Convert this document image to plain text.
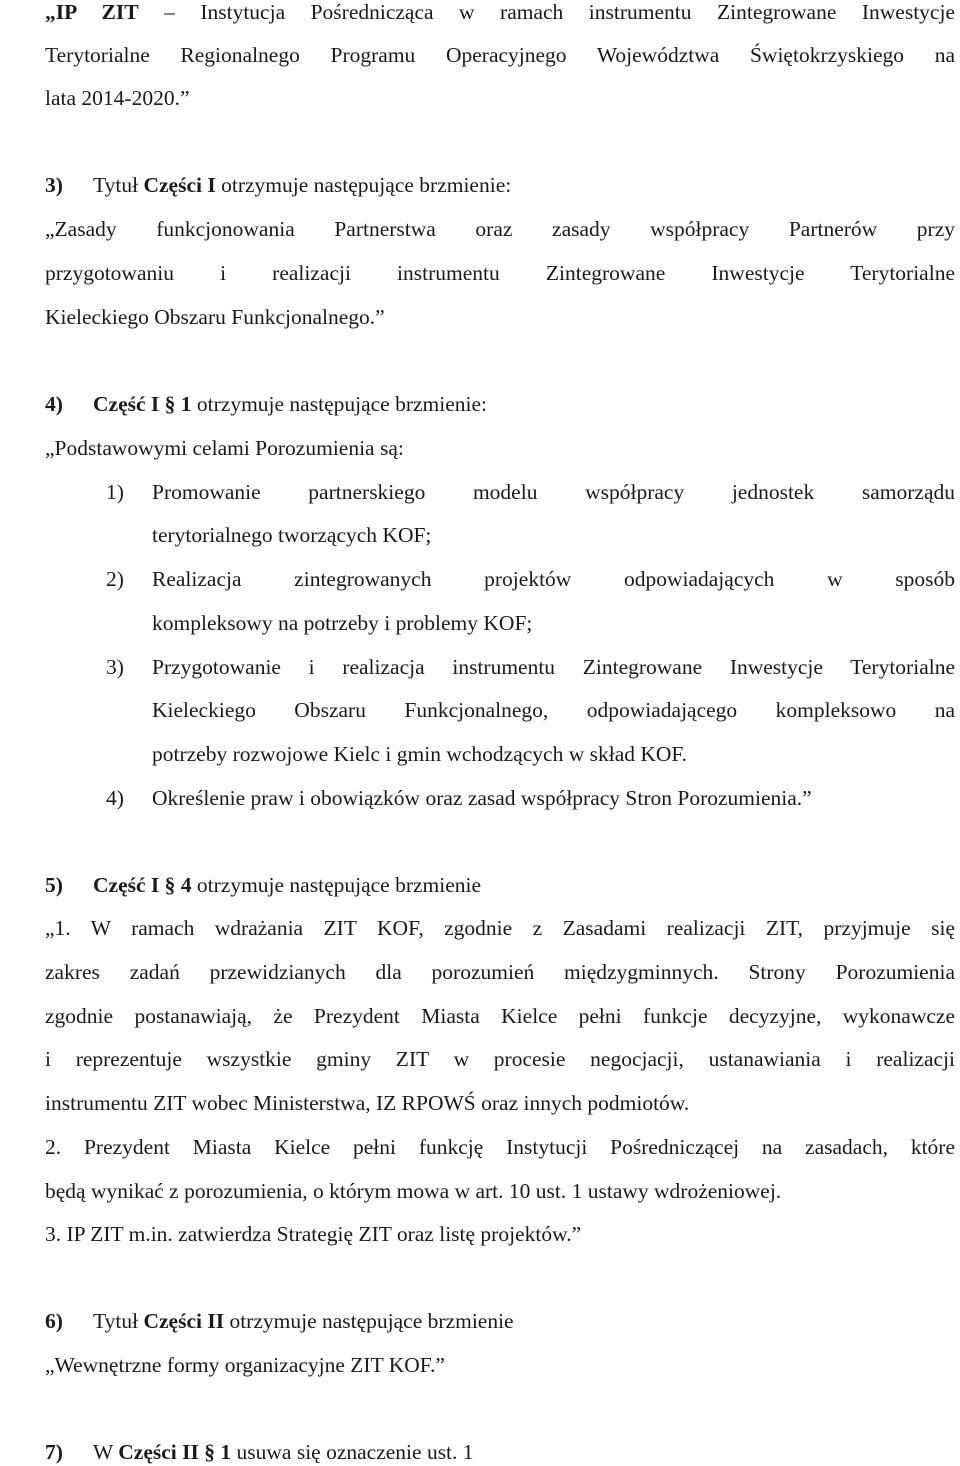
„IP ZIT – Instytucja Pośrednicząca w ramach instrumentu Zintegrowane Inwestycje
Terytorialne Regionalnego Programu Operacyjnego Województwa Świętokrzyskiego na
lata 2014-2020.”
3) Tytuł Części I otrzymuje następujące brzmienie:
„Zasady funkcjonowania Partnerstwa oraz zasady współpracy Partnerów przy
przygotowaniu i realizacji instrumentu Zintegrowane Inwestycje Terytorialne
Kieleckiego Obszaru Funkcjonalnego.”
4) Część I § 1 otrzymuje następujące brzmienie:
„Podstawowymi celami Porozumienia są:
1) Promowanie partnerskiego modelu współpracy jednostek samorządu
terytorialnego tworzących KOF;
2) Realizacja zintegrowanych projektów odpowiadających w sposób
kompleksowy na potrzeby i problemy KOF;
3) Przygotowanie i realizacja instrumentu Zintegrowane Inwestycje Terytorialne
Kieleckiego Obszaru Funkcjonalnego, odpowiadającego kompleksowo na
potrzeby rozwojowe Kielc i gmin wchodzących w skład KOF.
4) Określenie praw i obowiązków oraz zasad współpracy Stron Porozumienia.”
5) Część I § 4 otrzymuje następujące brzmienie
„1. W ramach wdrażania ZIT KOF, zgodnie z Zasadami realizacji ZIT, przyjmuje się
zakres zadań przewidzianych dla porozumień międzygminnych. Strony Porozumienia
zgodnie postanawiają, że Prezydent Miasta Kielce pełni funkcje decyzyjne, wykonawcze
i reprezentuje wszystkie gminy ZIT w procesie negocjacji, ustanawiania i realizacji
instrumentu ZIT wobec Ministerstwa, IZ RPOWŚ oraz innych podmiotów.
2. Prezydent Miasta Kielce pełni funkcję Instytucji Pośredniczącej na zasadach, które
będą wynikać z porozumienia, o którym mowa w art. 10 ust. 1 ustawy wdrożeniowej.
3. IP ZIT m.in. zatwierdza Strategię ZIT oraz listę projektów.”
6) Tytuł Części II otrzymuje następujące brzmienie
„Wewnętrzne formy organizacyjne ZIT KOF.”
7) W Części II § 1 usuwa się oznaczenie ust. 1
